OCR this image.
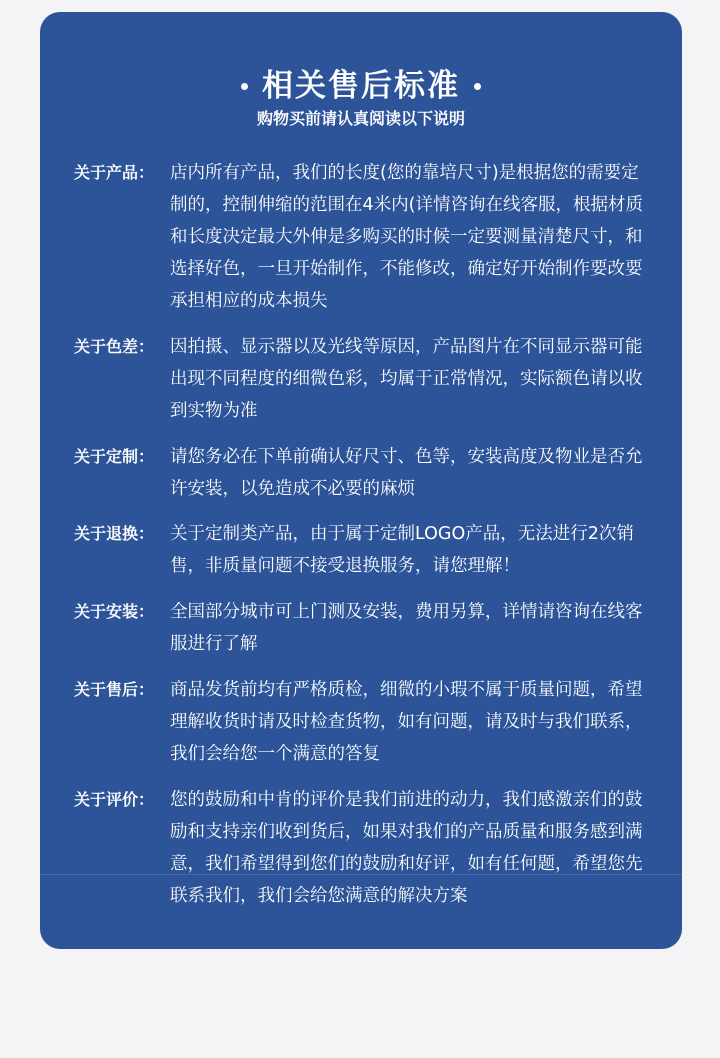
相关售后标准
购物买前请认真阅读以下说明
关于产品： 店内所有产品，我们的长度(您的靠培尺寸)是根据您的需要定制的，控制伸缩的范围在4米内(详情咨询在线客服，根据材质和长度决定最大外伸是多购买的时候一定要测量清楚尺寸，和选择好色，一旦开始制作，不能修改，确定好开始制作要改要承担相应的成本损失
关于色差： 因拍摄、显示器以及光线等原因，产品图片在不同显示器可能出现不同程度的细微色彩，均属于正常情况，实际额色请以收到实物为准
关于定制： 请您务必在下单前确认好尺寸、色等，安装高度及物业是否允许安装，以免造成不必要的麻烦
关于退换： 关于定制类产品，由于属于定制LOGO产品，无法进行2次销售，非质量问题不接受退换服务，请您理解！
关于安装： 全国部分城市可上门测及安装，费用另算，详情请咨询在线客服进行了解
关于售后： 商品发货前均有严格质检，细微的小瑕不属于质量问题，希望理解收货时请及时检查货物，如有问题，请及时与我们联系，我们会给您一个满意的答复
关于评价： 您的鼓励和中肯的评价是我们前进的动力，我们感激亲们的鼓励和支持亲们收到货后，如果对我们的产品质量和服务感到满意，我们希望得到您们的鼓励和好评，如有任何题，希望您先联系我们，我们会给您满意的解决方案
